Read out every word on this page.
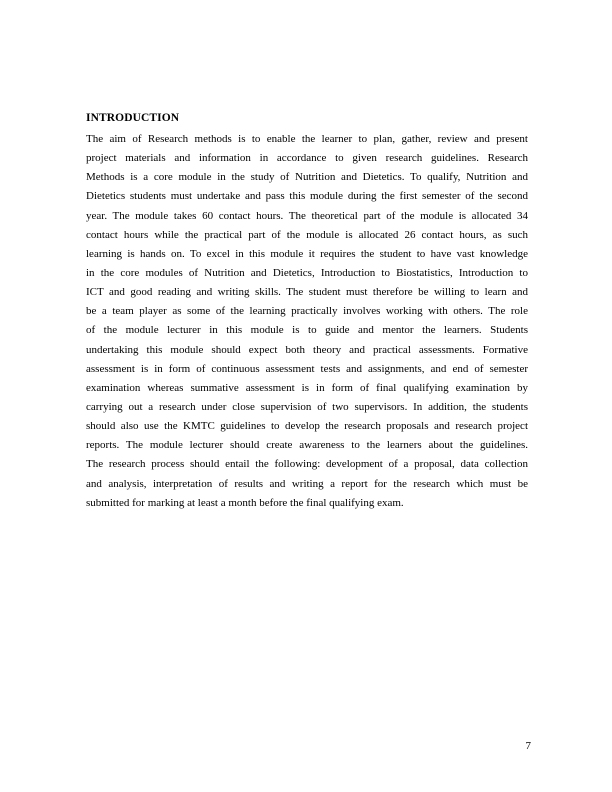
INTRODUCTION
The aim of Research methods is to enable the learner to plan, gather, review and present
project materials and information in accordance to given research guidelines. Research
Methods is a core module in the study of Nutrition and Dietetics. To qualify, Nutrition and
Dietetics students must undertake and pass this module during the first semester of the second
year. The module takes 60 contact hours. The theoretical part of the module is allocated 34
contact hours while the practical part of the module is allocated 26 contact hours, as such
learning is hands on. To excel in this module it requires the student to have vast knowledge
in the core modules of Nutrition and Dietetics, Introduction to Biostatistics, Introduction to
ICT and good reading and writing skills. The student must therefore be willing to learn and
be a team player as some of the learning practically involves working with others. The role
of the module lecturer in this module is to guide and mentor the learners. Students
undertaking this module should expect both theory and practical assessments. Formative
assessment is in form of continuous assessment tests and assignments, and end of semester
examination whereas summative assessment is in form of final qualifying examination by
carrying out a research under close supervision of two supervisors. In addition, the students
should also use the KMTC guidelines to develop the research proposals and research project
reports. The module lecturer should create awareness to the learners about the guidelines.
The research process should entail the following: development of a proposal, data collection
and analysis, interpretation of results and writing a report for the research which must be
submitted for marking at least a month before the final qualifying exam.
7
